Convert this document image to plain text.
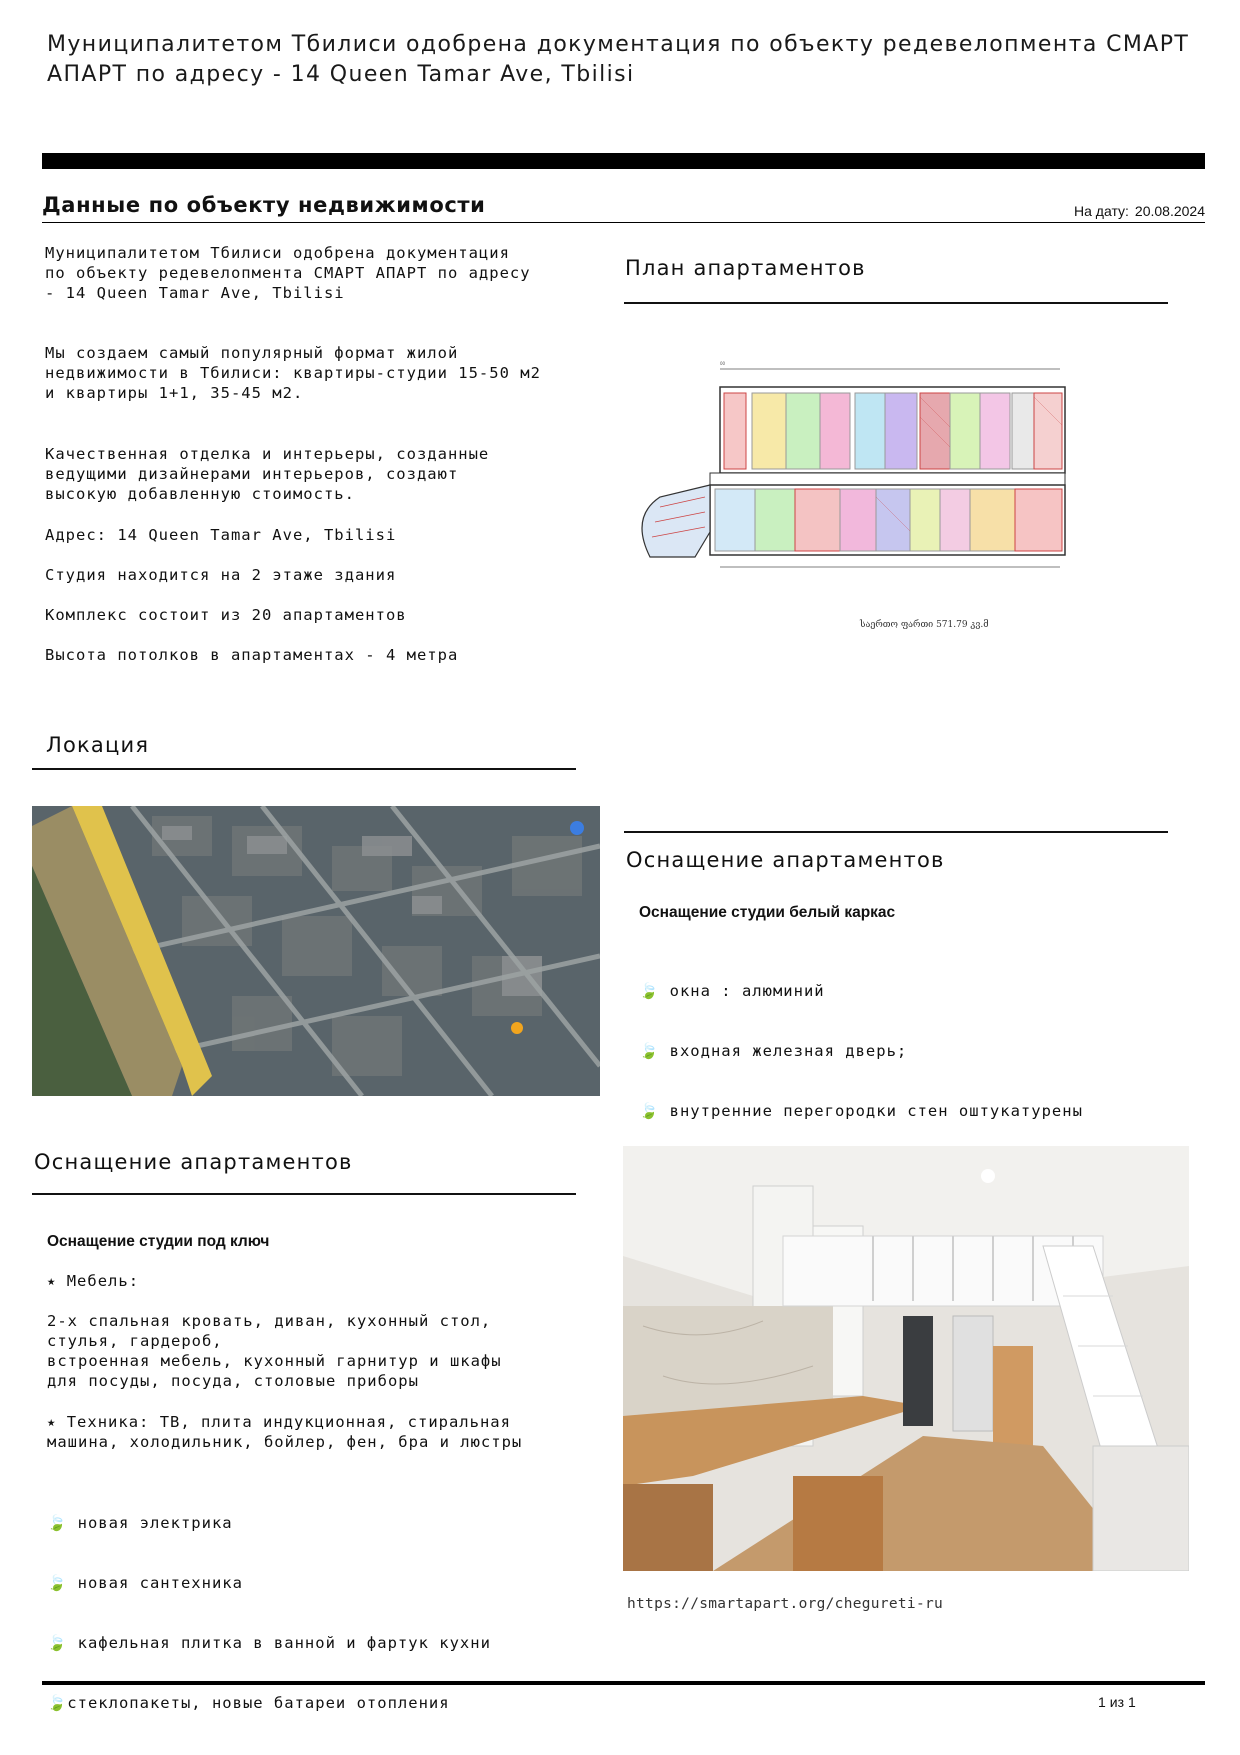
Муниципалитетом Тбилиси одобрена документация по объекту редевелопмента СМАРТ АПАРТ по адресу - 14 Queen Tamar Ave, Tbilisi
Данные по объекту недвижимости	На дату: 20.08.2024
Муниципалитетом Тбилиси одобрена документация
по объекту редевелопмента СМАРТ АПАРТ по адресу
- 14 Queen Tamar Ave, Tbilisi
Мы создаем самый популярный формат жилой
недвижимости в Тбилиси: квартиры-студии 15-50 м2
и квартиры 1+1, 35-45 м2.
Качественная отделка и интерьеры, созданные
ведущими дизайнерами интерьеров, создают
высокую добавленную стоимость.
Адрес: 14 Queen Tamar Ave, Tbilisi
Студия находится на 2 этаже здания
Комплекс состоит из 20 апартаментов
Высота потолков в апартаментах - 4 метра
План апартаментов
00
საერთო ფართი 571.79 კვ.მ
Локация
Оснащение апартаментов
Оснащение студии белый каркас

🍃 окна : алюминий

🍃 входная железная дверь;

🍃 внутренние перегородки стен оштукатурены

Оснащение апартаментов
Оснащение студии под ключ
⭑ Мебель:
2-х спальная кровать, диван, кухонный стол,
стулья, гардероб,
встроенная мебель, кухонный гарнитур и шкафы
для посуды, посуда, столовые приборы
⭑ Техника: ТВ, плита индукционная, стиральная
машина, холодильник, бойлер, фен, бра и люстры

🍃 новая электрика

🍃 новая сантехника

🍃 кафельная плитка в ванной и фартук кухни

🍃стеклопакеты, новые батареи отопления

https://smartapart.org/chegureti-ru
1 из 1
